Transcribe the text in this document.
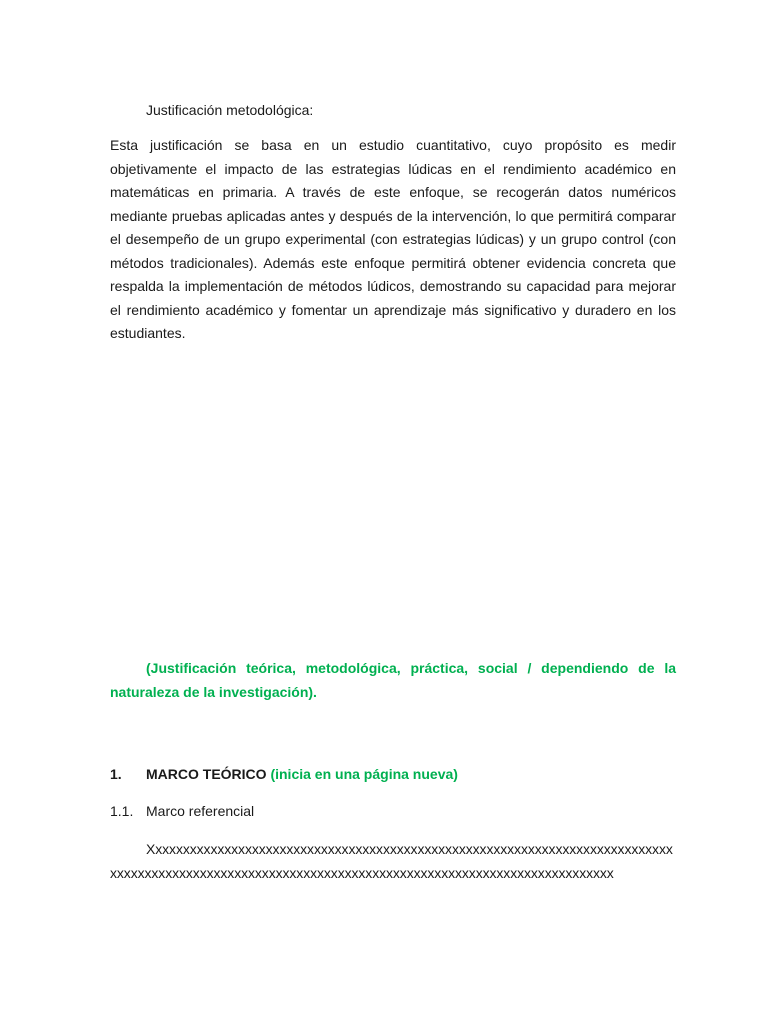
Justificación metodológica:
Esta justificación se basa en un estudio cuantitativo, cuyo propósito es medir objetivamente el impacto de las estrategias lúdicas en el rendimiento académico en matemáticas en primaria. A través de este enfoque, se recogerán datos numéricos mediante pruebas aplicadas antes y después de la intervención, lo que permitirá comparar el desempeño de un grupo experimental (con estrategias lúdicas) y un grupo control (con métodos tradicionales). Además este enfoque permitirá obtener evidencia concreta que respalda la implementación de métodos lúdicos, demostrando su capacidad para mejorar el rendimiento académico y fomentar un aprendizaje más significativo y duradero en los estudiantes.
(Justificación teórica, metodológica, práctica, social / dependiendo de la naturaleza de la investigación).
1. MARCO TEÓRICO (inicia en una página nueva)
1.1. Marco referencial
Xxxxxxxxxxxxxxxxxxxxxxxxxxxxxxxxxxxxxxxxxxxxxxxxxxxxxxxxxxxxxxxxxxxxxxxxxxxxxxxxxxxxxxxxxxxxxxxxxxxxxxxxxxxxxxxxxxxxxxxxxxxxxxxxxxxxxxxxxxxxxxxxxxxxx
